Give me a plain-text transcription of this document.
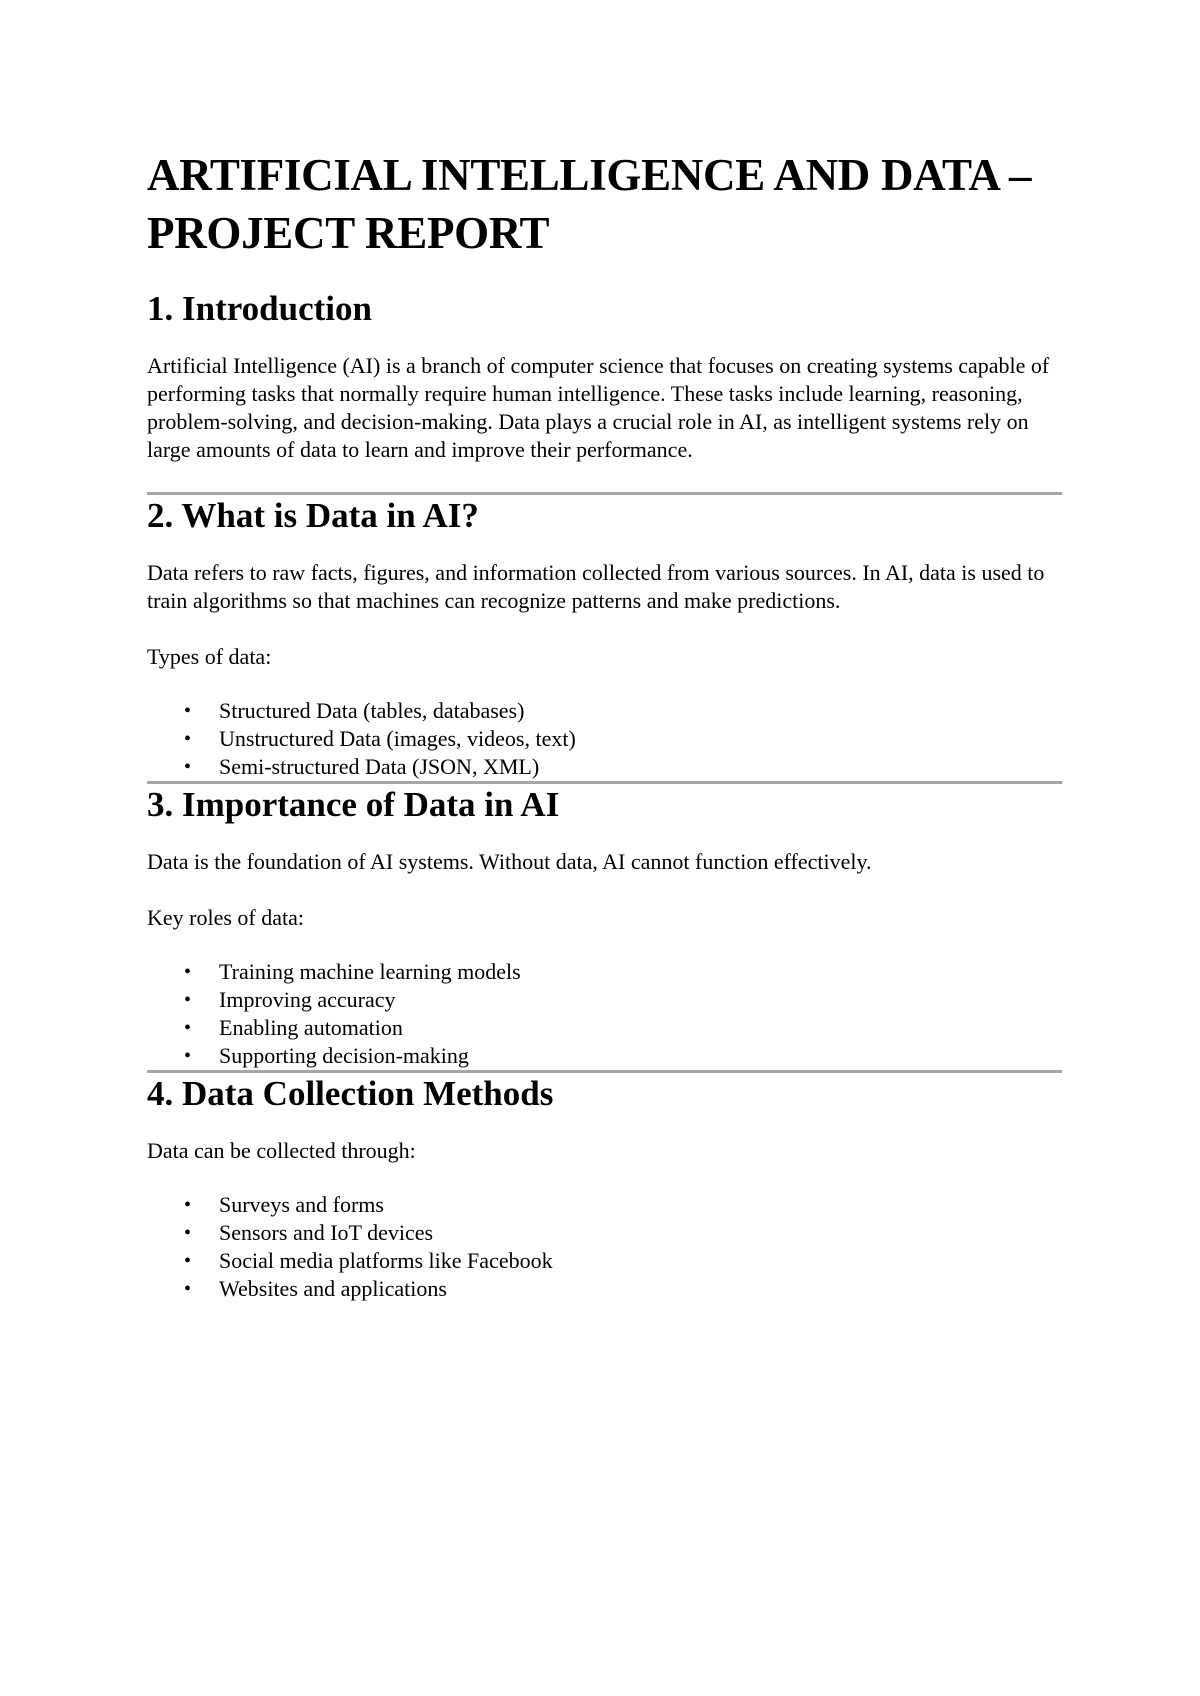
ARTIFICIAL INTELLIGENCE AND DATA – PROJECT REPORT
1. Introduction

Artificial Intelligence (AI) is a branch of computer science that focuses on creating systems capable of performing tasks that normally require human intelligence. These tasks include learning, reasoning, problem-solving, and decision-making. Data plays a crucial role in AI, as intelligent systems rely on large amounts of data to learn and improve their performance.

2. What is Data in AI?

Data refers to raw facts, figures, and information collected from various sources. In AI, data is used to train algorithms so that machines can recognize patterns and make predictions.

Types of data:

• Structured Data (tables, databases)
• Unstructured Data (images, videos, text)
• Semi-structured Data (JSON, XML)
3. Importance of Data in AI

Data is the foundation of AI systems. Without data, AI cannot function effectively.

Key roles of data:

• Training machine learning models
• Improving accuracy
• Enabling automation
• Supporting decision-making
4. Data Collection Methods

Data can be collected through:

• Surveys and forms
• Sensors and IoT devices
• Social media platforms like Facebook
• Websites and applications
